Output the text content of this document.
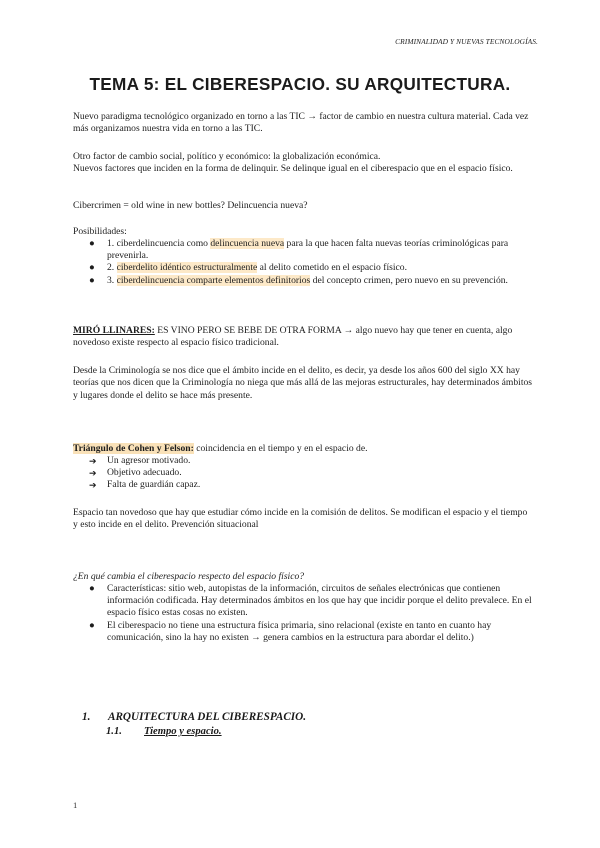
CRIMINALIDAD Y NUEVAS TECNOLOGÍAS.
TEMA 5: EL CIBERESPACIO. SU ARQUITECTURA.

Nuevo paradigma tecnológico organizado en torno a las TIC → factor de cambio en nuestra cultura material. Cada vez más organizamos nuestra vida en torno a las TIC.

Otro factor de cambio social, político y económico: la globalización económica.
Nuevos factores que inciden en la forma de delinquir. Se delinque igual en el ciberespacio que en el espacio físico.

Cibercrimen = old wine in new bottles? Delincuencia nueva?

Posibilidades:

● 1. ciberdelincuencia como delincuencia nueva para la que hacen falta nuevas teorías criminológicas para prevenirla.
● 2. ciberdelito idéntico estructuralmente al delito cometido en el espacio físico.
● 3. ciberdelincuencia comparte elementos definitorios del concepto crimen, pero nuevo en su prevención.

MIRÓ LLINARES: ES VINO PERO SE BEBE DE OTRA FORMA → algo nuevo hay que tener en cuenta, algo novedoso existe respecto al espacio físico tradicional.

Desde la Criminología se nos dice que el ámbito incide en el delito, es decir, ya desde los años 600 del siglo XX hay teorías que nos dicen que la Criminología no niega que más allá de las mejoras estructurales, hay determinados ámbitos y lugares donde el delito se hace más presente.

Triángulo de Cohen y Felson: coincidencia en el tiempo y en el espacio de.

➔ Un agresor motivado.
➔ Objetivo adecuado.
➔ Falta de guardián capaz.

Espacio tan novedoso que hay que estudiar cómo incide en la comisión de delitos. Se modifican el espacio y el tiempo y esto incide en el delito. Prevención situacional

¿En qué cambia el ciberespacio respecto del espacio físico?

● Características: sitio web, autopistas de la información, circuitos de señales electrónicas que contienen información codificada. Hay determinados ámbitos en los que hay que incidir porque el delito prevalece. En el espacio físico estas cosas no existen.
● El ciberespacio no tiene una estructura física primaria, sino relacional (existe en tanto en cuanto hay comunicación, sino la hay no existen → genera cambios en la estructura para abordar el delito.)
1. ARQUITECTURA DEL CIBERESPACIO.
1.1. Tiempo y espacio.
1
